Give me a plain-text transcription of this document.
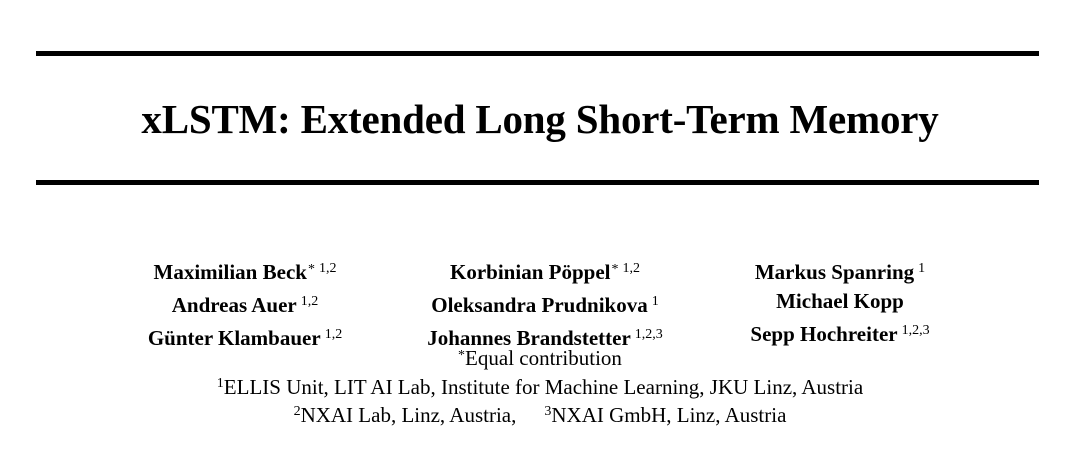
xLSTM: Extended Long Short-Term Memory
Maximilian Beck* $^{1,2}$
Andreas Auer $^{1,2}$
Günter Klambauer $^{1,2}$
Korbinian Pöppel* $^{1,2}$
Oleksandra Prudnikova $^1$
Johannes Brandstetter $^{1,2,3}$
Markus Spanring $^1$
Michael Kopp
Sepp Hochreiter $^{1,2,3}$
*Equal contribution
$^1$ELLIS Unit, LIT AI Lab, Institute for Machine Learning, JKU Linz, Austria
$^2$NXAI Lab, Linz, Austria, $^3$NXAI GmbH, Linz, Austria
